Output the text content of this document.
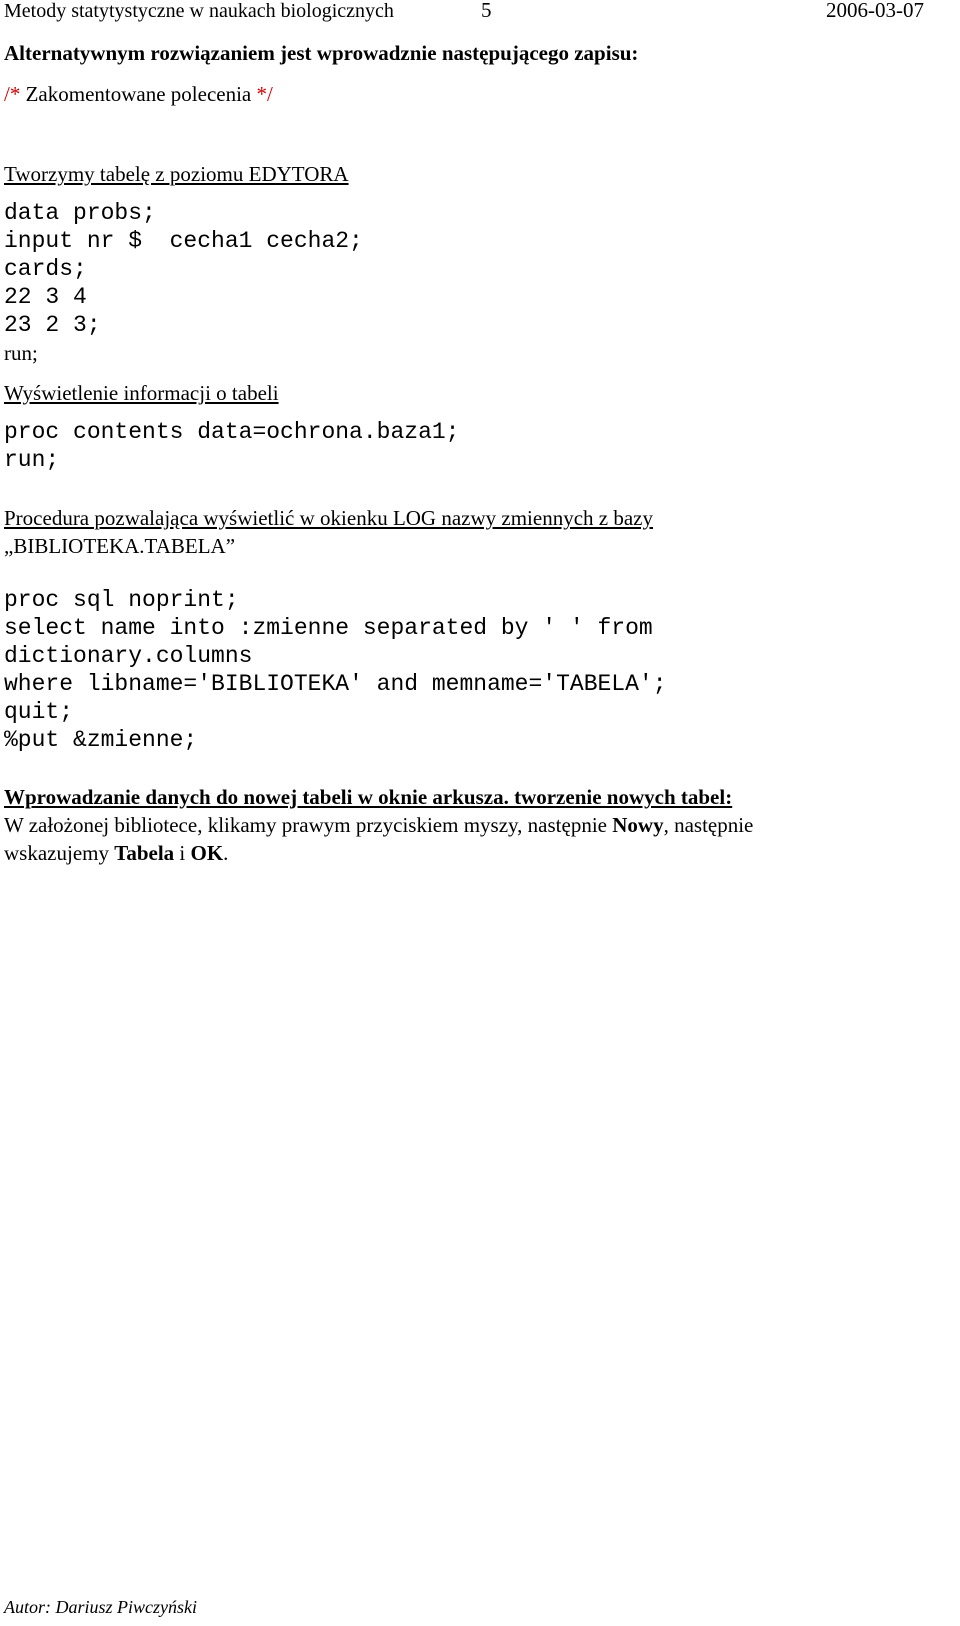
Metody statytystyczne w naukach biologicznych	5	2006-03-07
Alternatywnym rozwiązaniem jest wprowadznie następującego zapisu:
/* Zakomentowane polecenia */
Tworzymy tabelę z poziomu EDYTORA
data probs;
input nr $  cecha1 cecha2;
cards;
22 3 4
23 2 3;
run;
Wyświetlenie informacji o tabeli
proc contents data=ochrona.baza1;
run;
Procedura pozwalająca wyświetlić w okienku LOG nazwy zmiennych z bazy
„BIBLIOTEKA.TABELA”
proc sql noprint;
select name into :zmienne separated by ' ' from
dictionary.columns
where libname='BIBLIOTEKA' and memname='TABELA';
quit;
%put &zmienne;
Wprowadzanie danych do nowej tabeli w oknie arkusza. tworzenie nowych tabel:
W założonej bibliotece, klikamy prawym przyciskiem myszy, następnie Nowy, następnie
wskazujemy Tabela i OK.
Autor: Dariusz Piwczyński
